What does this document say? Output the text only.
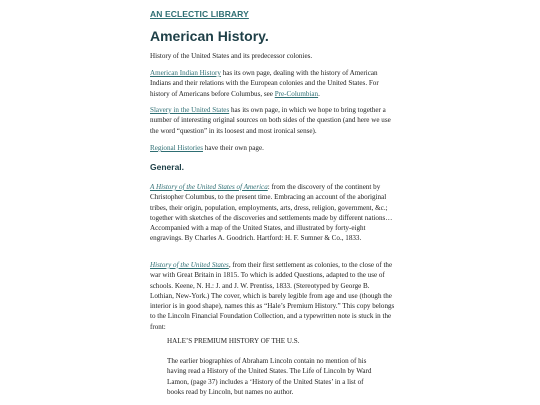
AN ECLECTIC LIBRARY
American History.

History of the United States and its predecessor colonies.

American Indian History has its own page, dealing with the history of American Indians and their relations with the European colonies and the United States. For history of Americans before Columbus, see Pre-Columbian.

Slavery in the United States has its own page, in which we hope to bring together a number of interesting original sources on both sides of the question (and here we use the word “question” in its loosest and most ironical sense).

Regional Histories have their own page.

General.

A History of the United States of America: from the discovery of the continent by Christopher Columbus, to the present time. Embracing an account of the aboriginal tribes, their origin, population, employments, arts, dress, religion, government, &c.; together with sketches of the discoveries and settlements made by different nations… Accompanied with a map of the United States, and illustrated by forty-eight engravings. By Charles A. Goodrich. Hartford: H. F. Sumner & Co., 1833.

History of the United States, from their first settlement as colonies, to the close of the war with Great Britain in 1815. To which is added Questions, adapted to the use of schools. Keene, N. H.: J. and J. W. Prentiss, 1833. (Stereotyped by George B. Lothian, New-York.) The cover, which is barely legible from age and use (though the interior is in good shape), names this as “Hale’s Premium History.” This copy belongs to the Lincoln Financial Foundation Collection, and a typewritten note is stuck in the front:

HALE’S PREMIUM HISTORY OF THE U.S.

The earlier biographies of Abraham Lincoln contain no mention of his having read a History of the United States. The Life of Lincoln by Ward Lamon, (page 37) includes a ‘History of the United States’ in a list of books read by Lincoln, but names no author.
